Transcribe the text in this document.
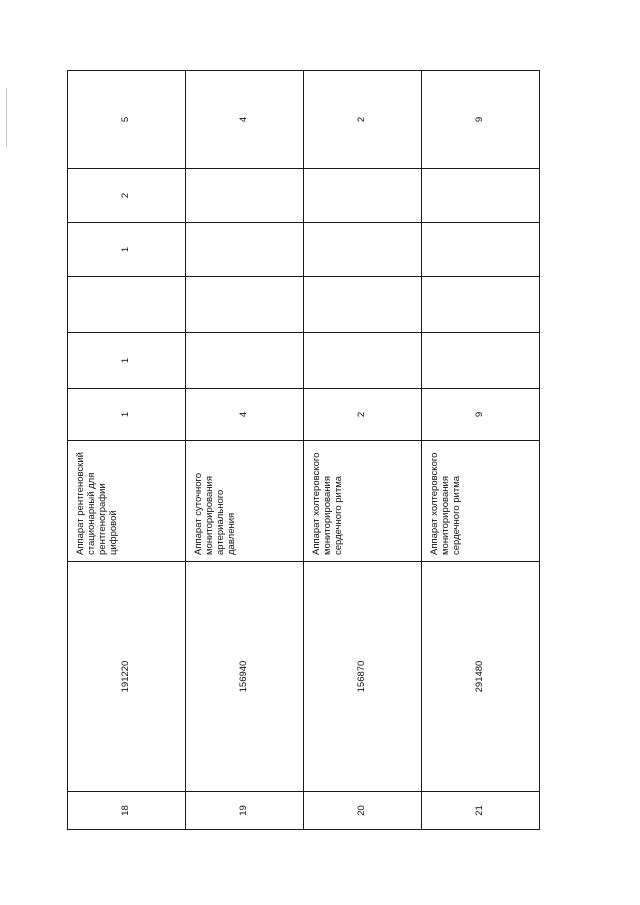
18	191220	Аппарат рентгеновский стационарный для рентгенографии цифровой	1	1		1	2	5
19	156940	Аппарат суточного мониторирования артериального давления	4					4
20	156870	Аппарат холтеровского мониторирования сердечного ритма	2					2
21	291480	Аппарат холтеровского мониторирования сердечного ритма	9					9
